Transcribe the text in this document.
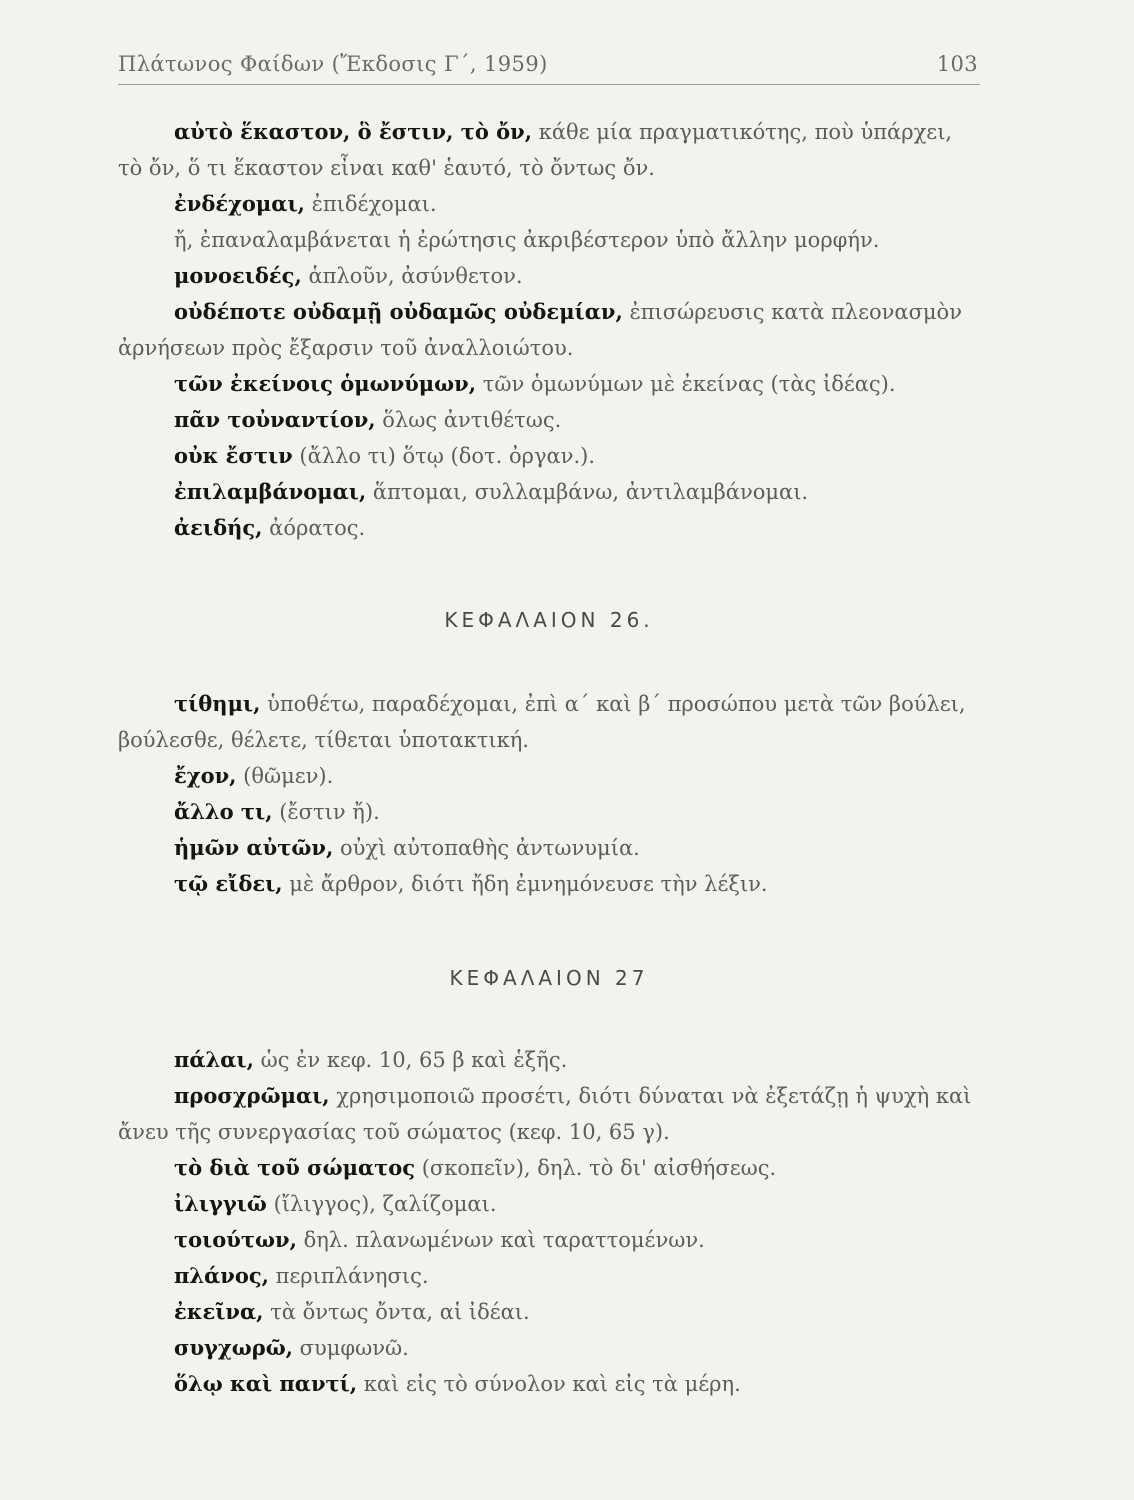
Πλάτωνος Φαίδων (Ἔκδοσις Γ΄, 1959)	103

αὐτὸ ἕκαστον, ὃ ἔστιν, τὸ ὄν, κάθε μία πραγματικότης, ποὺ ὑπάρχει, τὸ ὄν, ὅ τι ἕκαστον εἶναι καθ' ἑαυτό, τὸ ὄντως ὄν.

ἐνδέχομαι, ἐπιδέχομαι.

ἤ, ἐπαναλαμβάνεται ἡ ἐρώτησις ἀκριβέστερον ὑπὸ ἄλλην μορφήν.

μονοειδές, ἁπλοῦν, ἀσύνθετον.

οὐδέποτε οὐδαμῇ οὐδαμῶς οὐδεμίαν, ἐπισώρευσις κατὰ πλεονασμὸν ἀρνήσεων πρὸς ἔξαρσιν τοῦ ἀναλλοιώτου.

τῶν ἐκείνοις ὁμωνύμων, τῶν ὁμωνύμων μὲ ἐκείνας (τὰς ἰδέας).

πᾶν τοὐναντίον, ὅλως ἀντιθέτως.

οὐκ ἔστιν (ἄλλο τι) ὅτῳ (δοτ. ὀργαν.).

ἐπιλαμβάνομαι, ἅπτομαι, συλλαμβάνω, ἀντιλαμβάνομαι.

ἀειδής, ἀόρατος.

ΚΕΦΑΛΑΙΟΝ 26.

τίθημι, ὑποθέτω, παραδέχομαι, ἐπὶ α΄ καὶ β΄ προσώπου μετὰ τῶν βούλει, βούλεσθε, θέλετε, τίθεται ὑποτακτική.

ἔχον, (θῶμεν).

ἄλλο τι, (ἔστιν ἤ).

ἡμῶν αὐτῶν, οὐχὶ αὐτοπαθὴς ἀντωνυμία.

τῷ εἴδει, μὲ ἄρθρον, διότι ἤδη ἐμνημόνευσε τὴν λέξιν.

ΚΕΦΑΛΑΙΟΝ 27

πάλαι, ὡς ἐν κεφ. 10, 65 β καὶ ἑξῆς.

προσχρῶμαι, χρησιμοποιῶ προσέτι, διότι δύναται νὰ ἐξετάζῃ ἡ ψυχὴ καὶ ἄνευ τῆς συνεργασίας τοῦ σώματος (κεφ. 10, 65 γ).

τὸ διὰ τοῦ σώματος (σκοπεῖν), δηλ. τὸ δι' αἰσθήσεως.

ἰλιγγιῶ (ἴλιγγος), ζαλίζομαι.

τοιούτων, δηλ. πλανωμένων καὶ ταραττομένων.

πλάνος, περιπλάνησις.

ἐκεῖνα, τὰ ὄντως ὄντα, αἱ ἰδέαι.

συγχωρῶ, συμφωνῶ.

ὅλῳ καὶ παντί, καὶ εἰς τὸ σύνολον καὶ εἰς τὰ μέρη.
